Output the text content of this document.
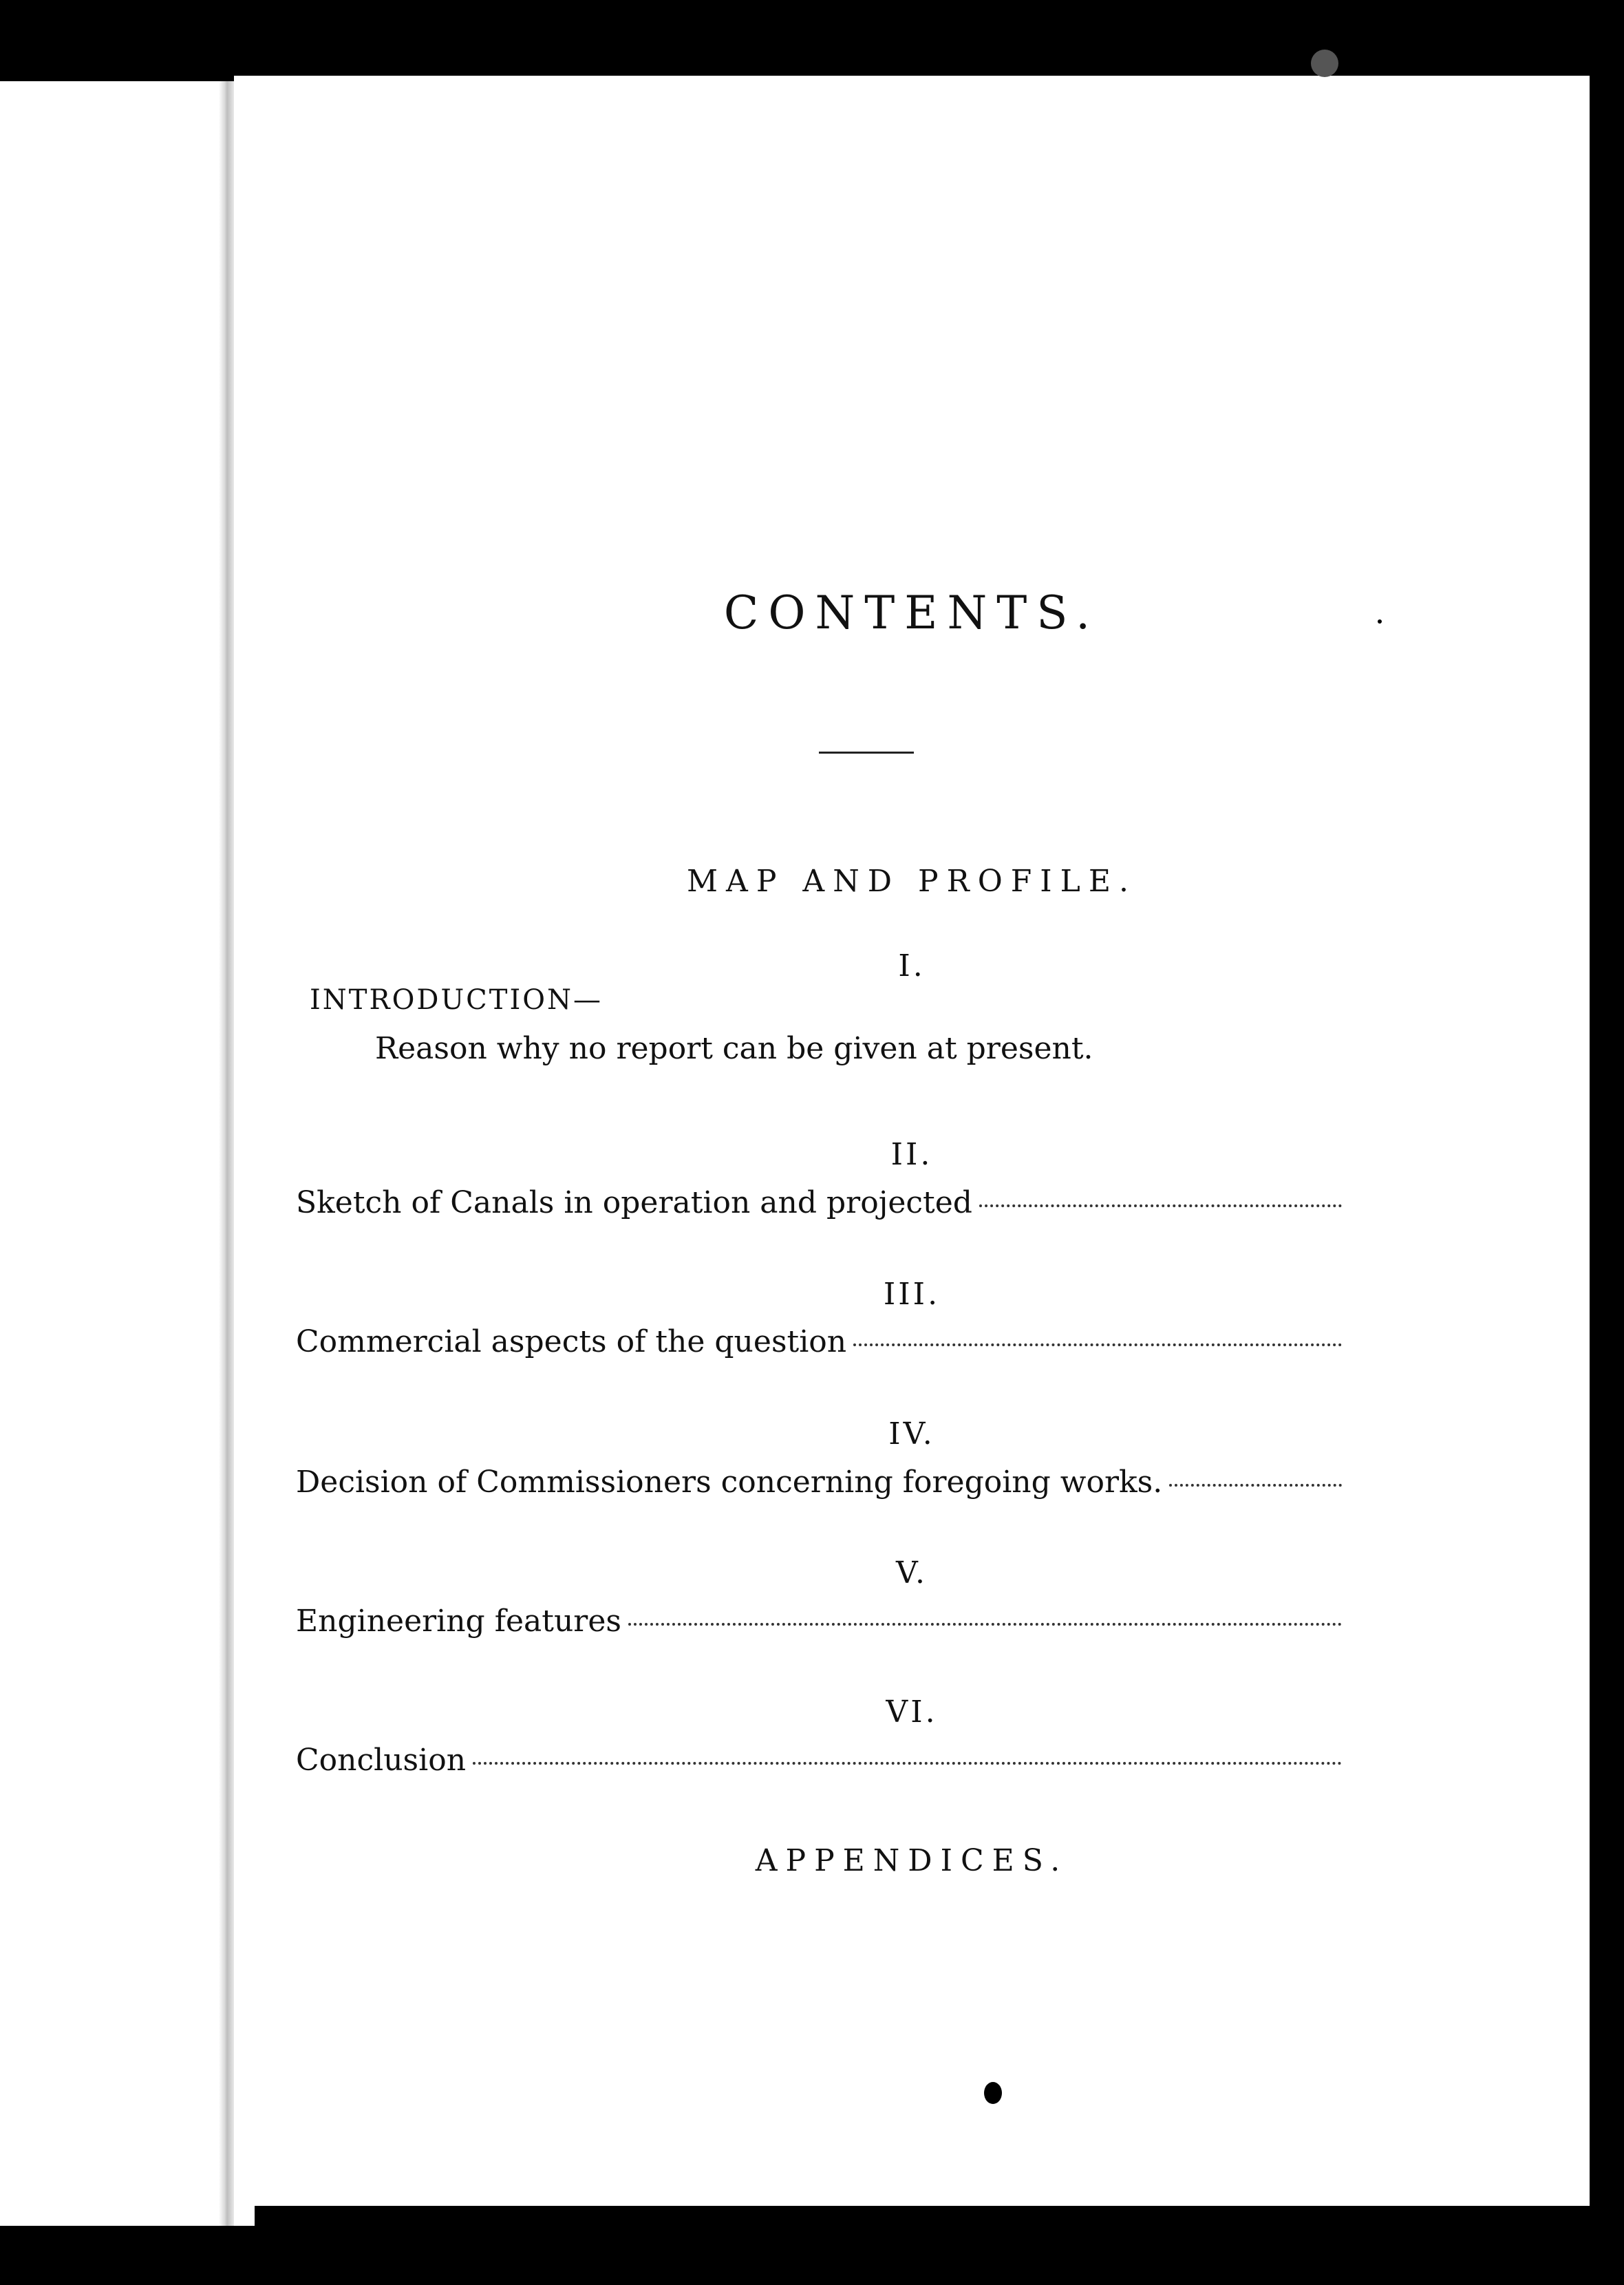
CONTENTS.
MAP AND PROFILE.
I.
INTRODUCTION—
Reason why no report can be given at present.
II.
Sketch of Canals in operation and projected
III.
Commercial aspects of the question
IV.
Decision of Commissioners concerning foregoing works.
V.
Engineering features
VI.
Conclusion
APPENDICES.
